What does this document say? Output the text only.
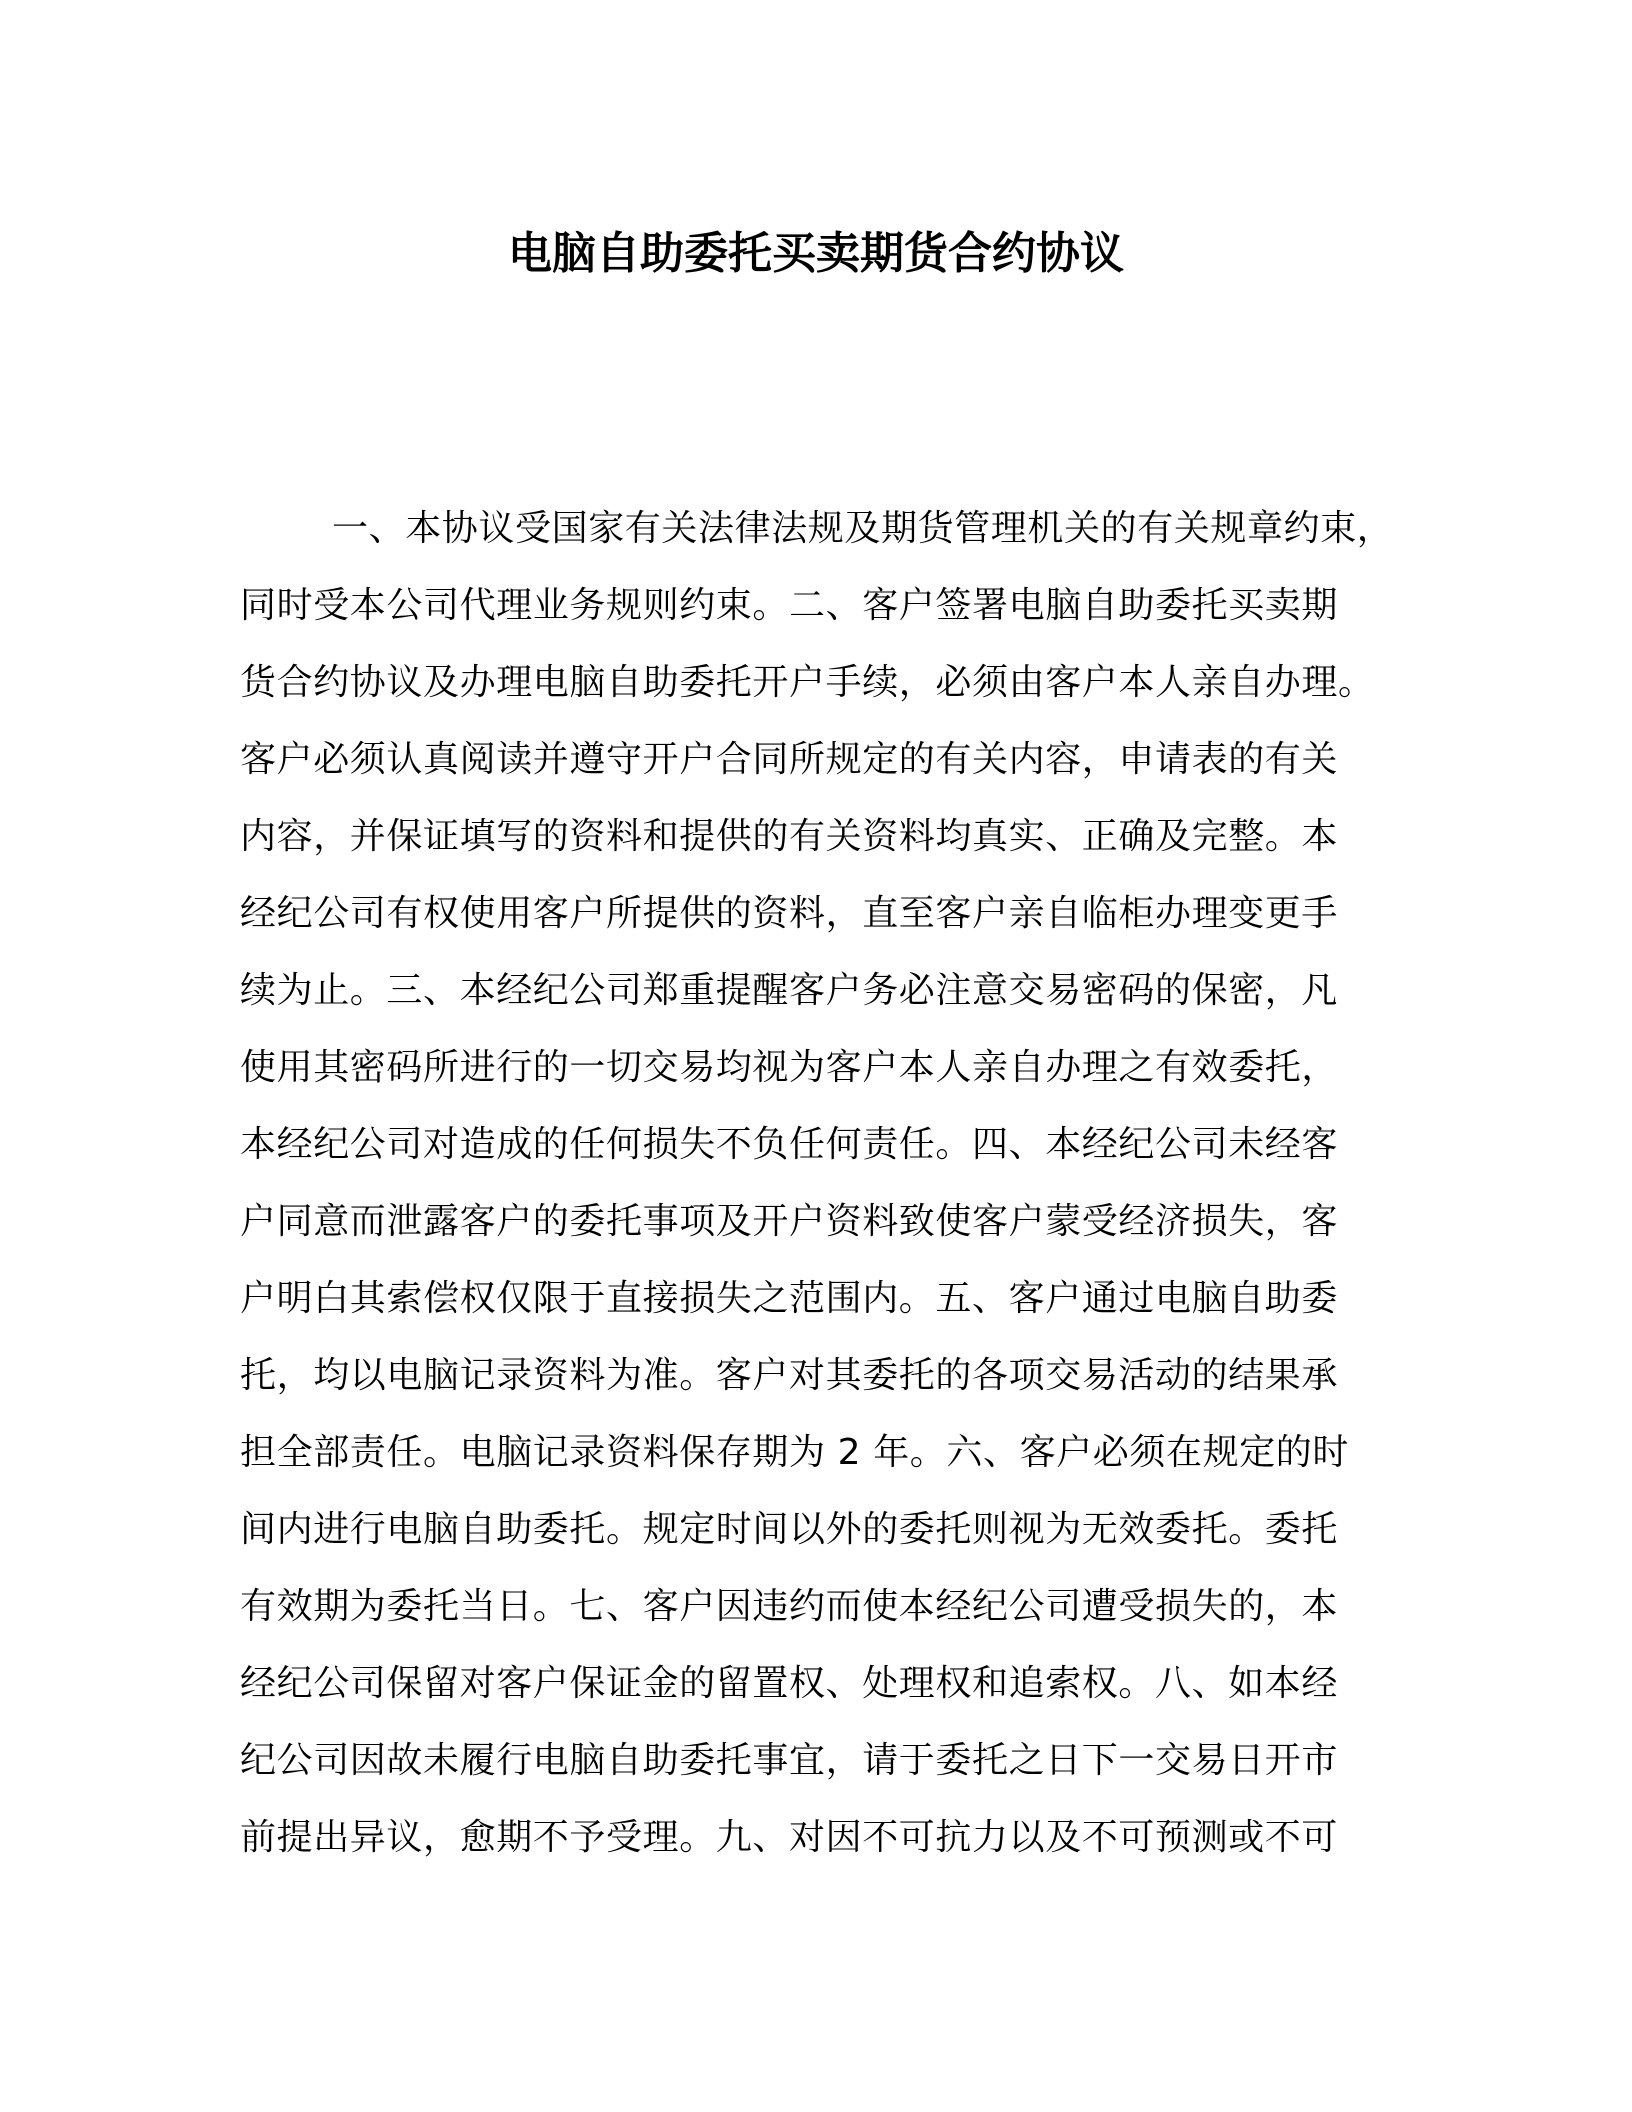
电脑自助委托买卖期货合约协议
一、本协议受国家有关法律法规及期货管理机关的有关规章约束，
同时受本公司代理业务规则约束。二、客户签署电脑自助委托买卖期
货合约协议及办理电脑自助委托开户手续，必须由客户本人亲自办理。
客户必须认真阅读并遵守开户合同所规定的有关内容，申请表的有关
内容，并保证填写的资料和提供的有关资料均真实、正确及完整。本
经纪公司有权使用客户所提供的资料，直至客户亲自临柜办理变更手
续为止。三、本经纪公司郑重提醒客户务必注意交易密码的保密，凡
使用其密码所进行的一切交易均视为客户本人亲自办理之有效委托，
本经纪公司对造成的任何损失不负任何责任。四、本经纪公司未经客
户同意而泄露客户的委托事项及开户资料致使客户蒙受经济损失，客
户明白其索偿权仅限于直接损失之范围内。五、客户通过电脑自助委
托，均以电脑记录资料为准。客户对其委托的各项交易活动的结果承
担全部责任。电脑记录资料保存期为 2 年。六、客户必须在规定的时
间内进行电脑自助委托。规定时间以外的委托则视为无效委托。委托
有效期为委托当日。七、客户因违约而使本经纪公司遭受损失的，本
经纪公司保留对客户保证金的留置权、处理权和追索权。八、如本经
纪公司因故未履行电脑自助委托事宜，请于委托之日下一交易日开市
前提出异议，愈期不予受理。九、对因不可抗力以及不可预测或不可
